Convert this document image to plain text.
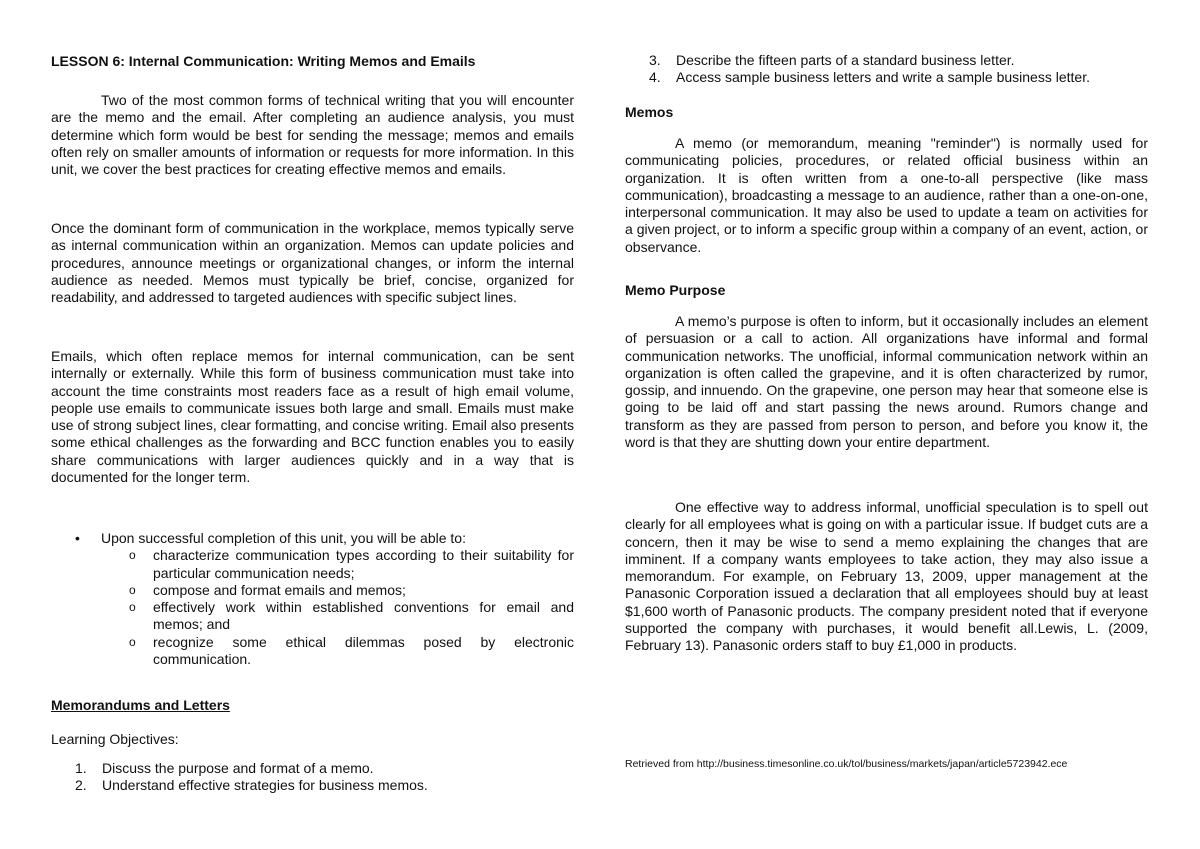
LESSON 6: Internal Communication: Writing Memos and Emails

Two of the most common forms of technical writing that you will encounter are the memo and the email. After completing an audience analysis, you must determine which form would be best for sending the message; memos and emails often rely on smaller amounts of information or requests for more information. In this unit, we cover the best practices for creating effective memos and emails.

Once the dominant form of communication in the workplace, memos typically serve as internal communication within an organization. Memos can update policies and procedures, announce meetings or organizational changes, or inform the internal audience as needed. Memos must typically be brief, concise, organized for readability, and addressed to targeted audiences with specific subject lines.

Emails, which often replace memos for internal communication, can be sent internally or externally. While this form of business communication must take into account the time constraints most readers face as a result of high email volume, people use emails to communicate issues both large and small. Emails must make use of strong subject lines, clear formatting, and concise writing. Email also presents some ethical challenges as the forwarding and BCC function enables you to easily share communications with larger audiences quickly and in a way that is documented for the longer term.

• Upon successful completion of this unit, you will be able to:
o characterize communication types according to their suitability for particular communication needs;
o compose and format emails and memos;
o effectively work within established conventions for email and memos; and
o recognize some ethical dilemmas posed by electronic communication.
Memorandums and Letters

Learning Objectives:

1. Discuss the purpose and format of a memo.
2. Understand effective strategies for business memos.
3. Describe the fifteen parts of a standard business letter.
4. Access sample business letters and write a sample business letter.
Memos

A memo (or memorandum, meaning "reminder") is normally used for communicating policies, procedures, or related official business within an organization. It is often written from a one-to-all perspective (like mass communication), broadcasting a message to an audience, rather than a one-on-one, interpersonal communication. It may also be used to update a team on activities for a given project, or to inform a specific group within a company of an event, action, or observance.

Memo Purpose

A memo’s purpose is often to inform, but it occasionally includes an element of persuasion or a call to action. All organizations have informal and formal communication networks. The unofficial, informal communication network within an organization is often called the grapevine, and it is often characterized by rumor, gossip, and innuendo. On the grapevine, one person may hear that someone else is going to be laid off and start passing the news around. Rumors change and transform as they are passed from person to person, and before you know it, the word is that they are shutting down your entire department.

One effective way to address informal, unofficial speculation is to spell out clearly for all employees what is going on with a particular issue. If budget cuts are a concern, then it may be wise to send a memo explaining the changes that are imminent. If a company wants employees to take action, they may also issue a memorandum. For example, on February 13, 2009, upper management at the Panasonic Corporation issued a declaration that all employees should buy at least $1,600 worth of Panasonic products. The company president noted that if everyone supported the company with purchases, it would benefit all.Lewis, L. (2009, February 13). Panasonic orders staff to buy £1,000 in products.

Retrieved from http://business.timesonline.co.uk/tol/business/markets/japan/article5723942.ece
